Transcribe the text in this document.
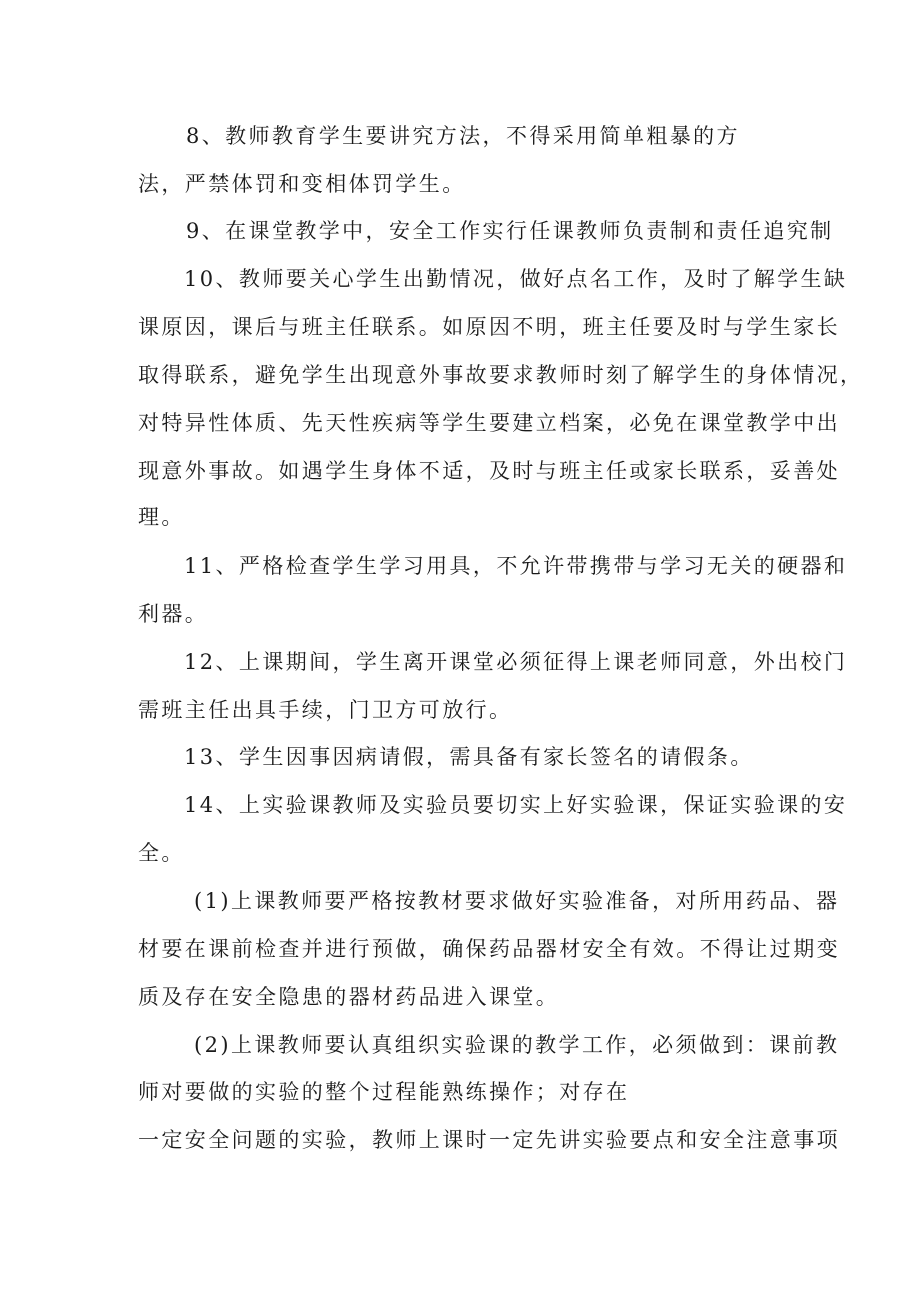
8、教师教育学生要讲究方法，不得采用简单粗暴的方
法，严禁体罚和变相体罚学生。
9、在课堂教学中，安全工作实行任课教师负责制和责任追究制
10、教师要关心学生出勤情况，做好点名工作，及时了解学生缺
课原因，课后与班主任联系。如原因不明，班主任要及时与学生家长
取得联系，避免学生出现意外事故要求教师时刻了解学生的身体情况，
对特异性体质、先天性疾病等学生要建立档案，必免在课堂教学中出
现意外事故。如遇学生身体不适，及时与班主任或家长联系，妥善处
理。
11、严格检查学生学习用具，不允许带携带与学习无关的硬器和
利器。
12、上课期间，学生离开课堂必须征得上课老师同意，外出校门
需班主任出具手续，门卫方可放行。
13、学生因事因病请假，需具备有家长签名的请假条。
14、上实验课教师及实验员要切实上好实验课，保证实验课的安
全。
(1)上课教师要严格按教材要求做好实验准备，对所用药品、器
材要在课前检查并进行预做，确保药品器材安全有效。不得让过期变
质及存在安全隐患的器材药品进入课堂。
(2)上课教师要认真组织实验课的教学工作，必须做到：课前教
师对要做的实验的整个过程能熟练操作；对存在
一定安全问题的实验，教师上课时一定先讲实验要点和安全注意事项
